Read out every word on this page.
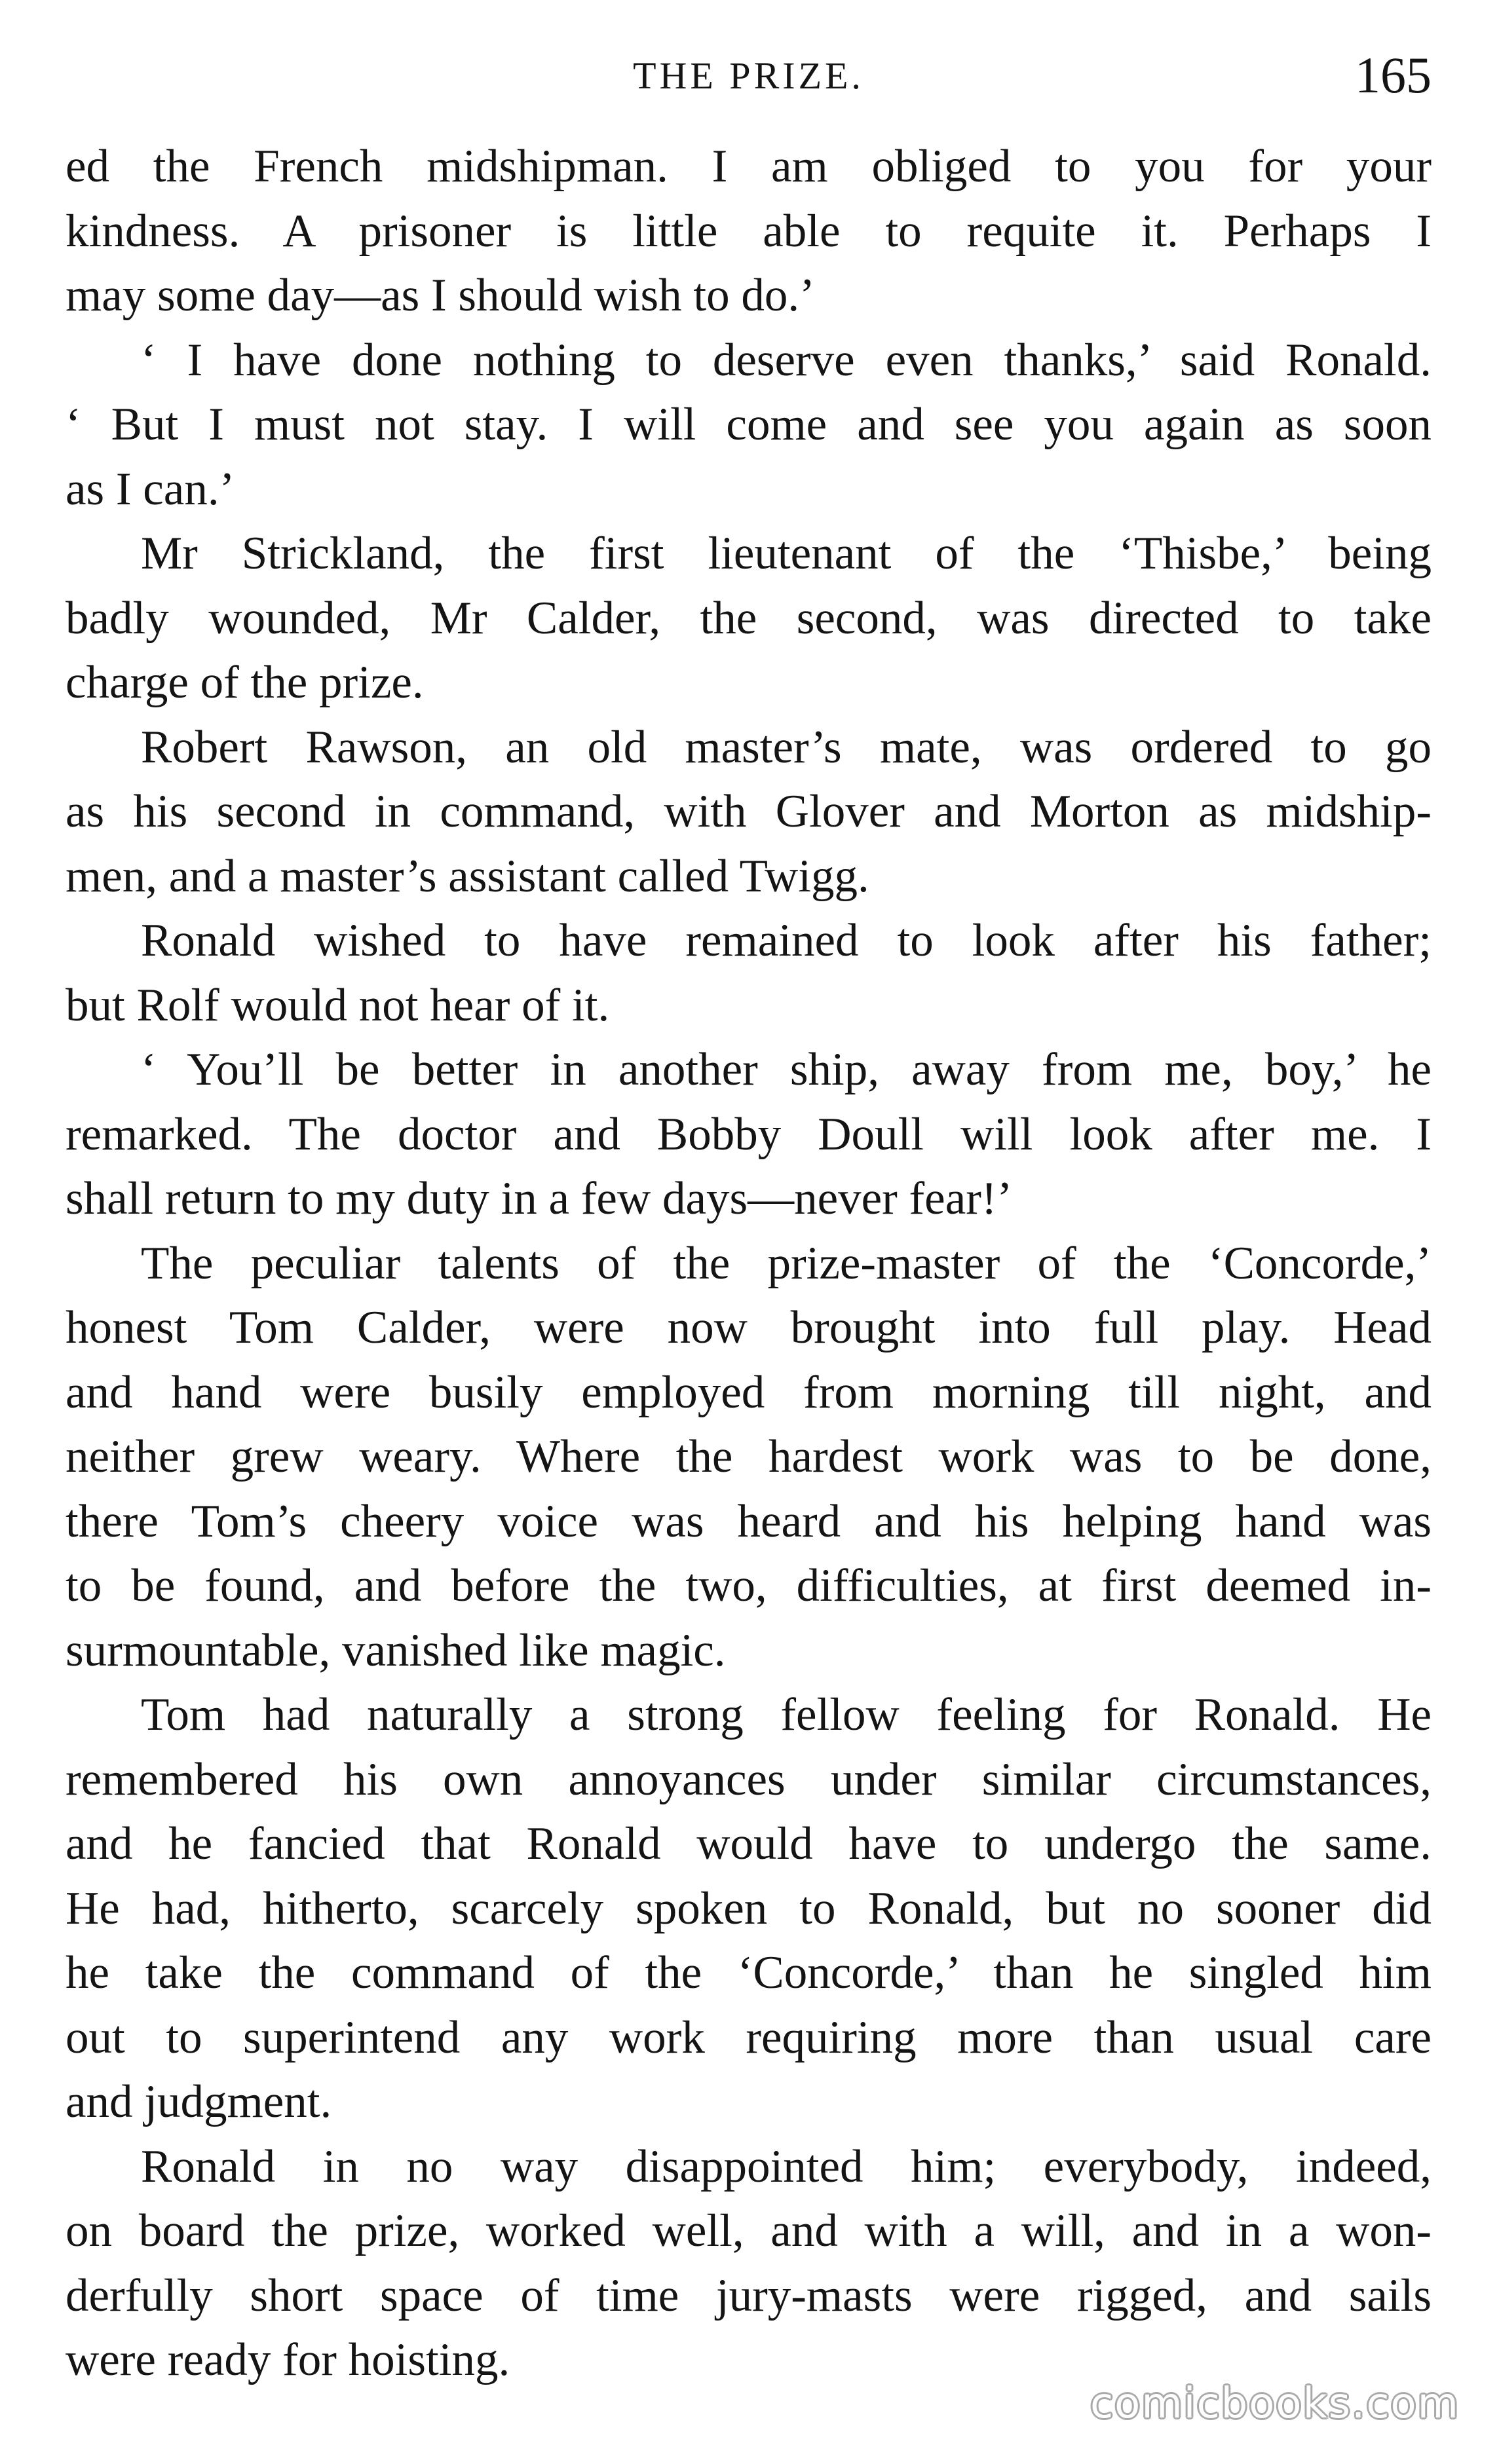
THE PRIZE.	165
ed the French midshipman. I am obliged to you for your
kindness. A prisoner is little able to requite it. Perhaps I
may some day—as I should wish to do.’
‘ I have done nothing to deserve even thanks,’ said Ronald.
‘ But I must not stay. I will come and see you again as soon
as I can.’
Mr Strickland, the first lieutenant of the ‘Thisbe,’ being
badly wounded, Mr Calder, the second, was directed to take
charge of the prize.
Robert Rawson, an old master’s mate, was ordered to go
as his second in command, with Glover and Morton as midship-
men, and a master’s assistant called Twigg.
Ronald wished to have remained to look after his father;
but Rolf would not hear of it.
‘ You’ll be better in another ship, away from me, boy,’ he
remarked. The doctor and Bobby Doull will look after me. I
shall return to my duty in a few days—never fear!’
The peculiar talents of the prize-master of the ‘Concorde,’
honest Tom Calder, were now brought into full play. Head
and hand were busily employed from morning till night, and
neither grew weary. Where the hardest work was to be done,
there Tom’s cheery voice was heard and his helping hand was
to be found, and before the two, difficulties, at first deemed in-
surmountable, vanished like magic.
Tom had naturally a strong fellow feeling for Ronald. He
remembered his own annoyances under similar circumstances,
and he fancied that Ronald would have to undergo the same.
He had, hitherto, scarcely spoken to Ronald, but no sooner did
he take the command of the ‘Concorde,’ than he singled him
out to superintend any work requiring more than usual care
and judgment.
Ronald in no way disappointed him; everybody, indeed,
on board the prize, worked well, and with a will, and in a won-
derfully short space of time jury-masts were rigged, and sails
were ready for hoisting.
comicbooks.com
